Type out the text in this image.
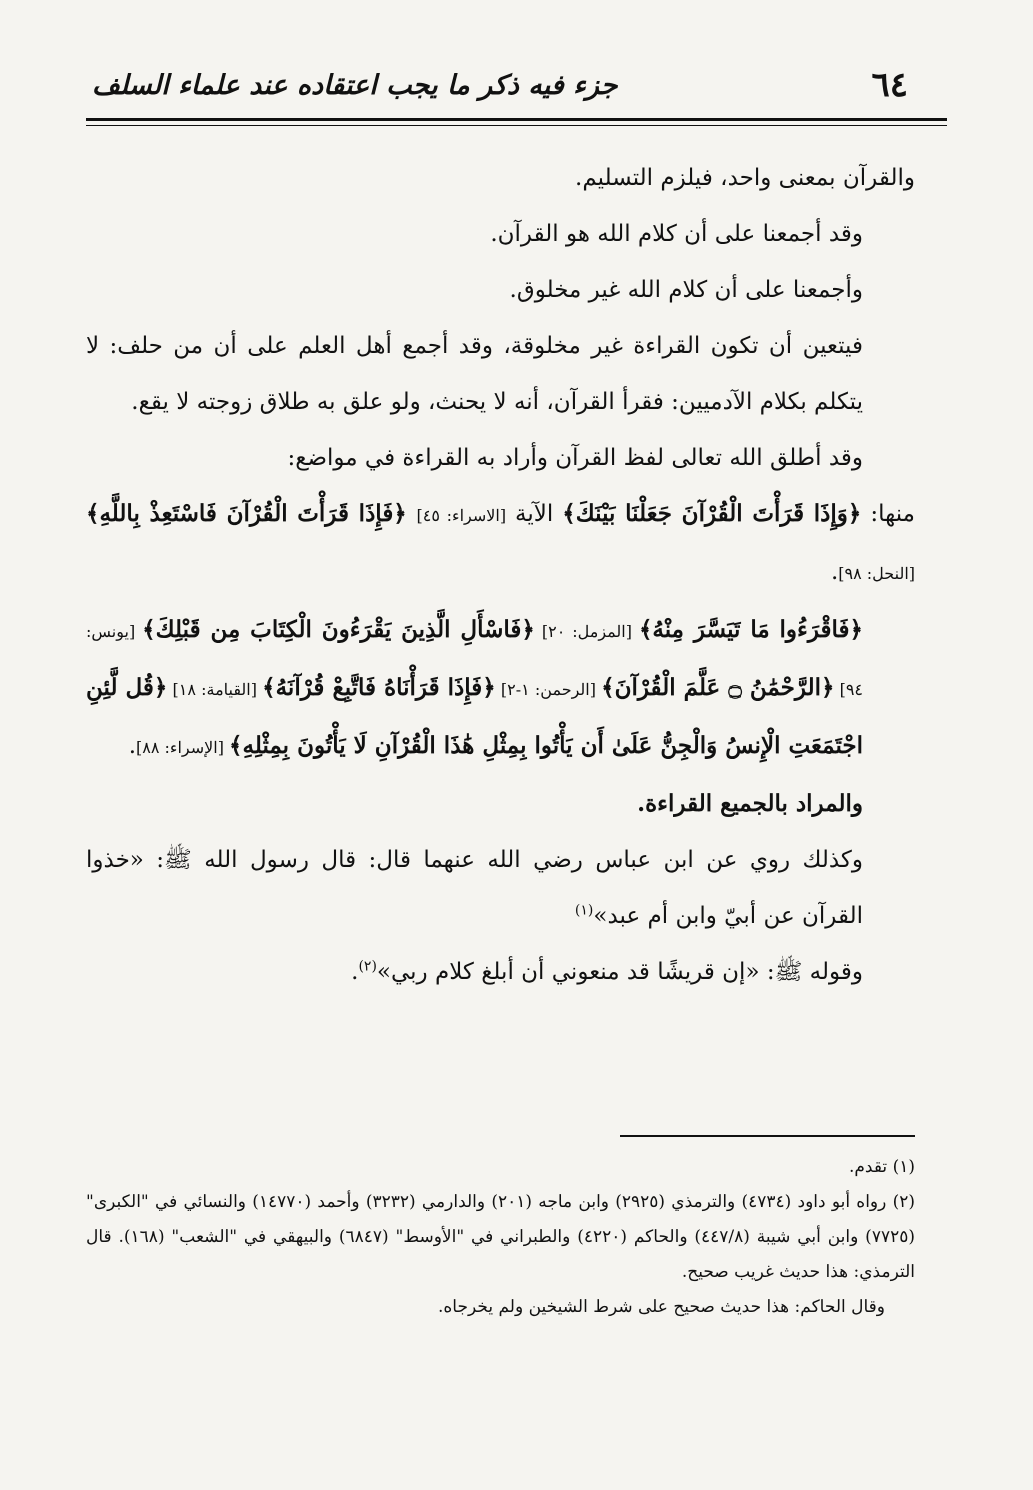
٦٤
جزء فيه ذكر ما يجب اعتقاده عند علماء السلف

والقرآن بمعنى واحد، فيلزم التسليم.

وقد أجمعنا على أن كلام الله هو القرآن.

وأجمعنا على أن كلام الله غير مخلوق.

فيتعين أن تكون القراءة غير مخلوقة، وقد أجمع أهل العلم على أن من حلف: لا يتكلم بكلام الآدميين: فقرأ القرآن، أنه لا يحنث، ولو علق به طلاق زوجته لا يقع.

وقد أطلق الله تعالى لفظ القرآن وأراد به القراءة في مواضع:

منها: ﴿وَإِذَا قَرَأْتَ الْقُرْآنَ جَعَلْنَا بَيْنَكَ﴾ الآية [الاسراء: ٤٥] ﴿فَإِذَا قَرَأْتَ الْقُرْآنَ فَاسْتَعِذْ بِاللَّهِ﴾ [النحل: ٩٨].

﴿فَاقْرَءُوا مَا تَيَسَّرَ مِنْهُ﴾ [المزمل: ٢٠] ﴿فَاسْأَلِ الَّذِينَ يَقْرَءُونَ الْكِتَابَ مِن قَبْلِكَ﴾ [يونس: ٩٤] ﴿الرَّحْمَٰنُ ۝ عَلَّمَ الْقُرْآنَ﴾ [الرحمن: ١-٢] ﴿فَإِذَا قَرَأْنَاهُ فَاتَّبِعْ قُرْآنَهُ﴾ [القيامة: ١٨] ﴿قُل لَّئِنِ اجْتَمَعَتِ الْإِنسُ وَالْجِنُّ عَلَىٰ أَن يَأْتُوا بِمِثْلِ هَٰذَا الْقُرْآنِ لَا يَأْتُونَ بِمِثْلِهِ﴾ [الإسراء: ٨٨].

والمراد بالجميع القراءة.

وكذلك روي عن ابن عباس رضي الله عنهما قال: قال رسول الله ﷺ: «خذوا القرآن عن أبيّ وابن أم عبد»$^{(١)}$

وقوله ﷺ: «إن قريشًا قد منعوني أن أبلغ كلام ربي»$^{(٢)}$.

(١) تقدم.

(٢) رواه أبو داود (٤٧٣٤) والترمذي (٢٩٢٥) وابن ماجه (٢٠١) والدارمي (٣٢٣٢) وأحمد (١٤٧٧٠) والنسائي في "الكبرى" (٧٧٢٥) وابن أبي شيبة (٤٤٧/٨) والحاكم (٤٢٢٠) والطبراني في "الأوسط" (٦٨٤٧) والبيهقي في "الشعب" (١٦٨). قال الترمذي: هذا حديث غريب صحيح.

وقال الحاكم: هذا حديث صحيح على شرط الشيخين ولم يخرجاه.
